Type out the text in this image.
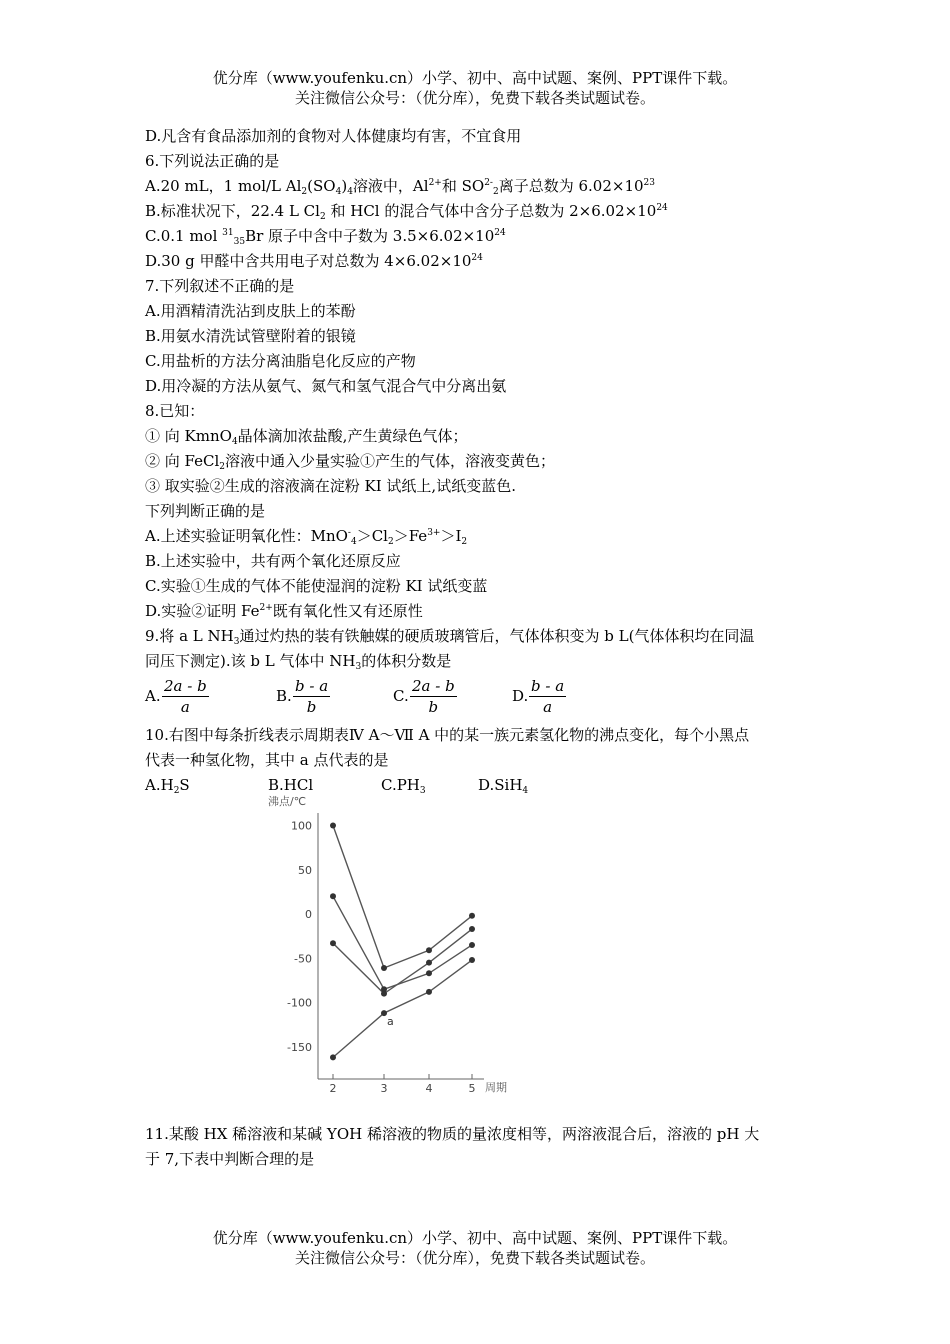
优分库（www.youfenku.cn）小学、初中、高中试题、案例、PPT课件下载。
关注微信公众号：（优分库），免费下载各类试题试卷。
D.凡含有食品添加剂的食物对人体健康均有害，不宜食用
6.下列说法正确的是
A.20 mL，1 mol/L $Al_2(SO_4)_4$溶液中，$Al^{2+}$和 $SO^{2-}_2$离子总数为 $6.02\times 10^{23}$
B.标准状况下，22.4 L $Cl_2$ 和 HCl 的混合气体中含分子总数为 $2\times 6.02\times 10^{24}$
C.0.1 mol $^{31}_{35}$Br 原子中含中子数为 $3.5\times 6.02\times 10^{24}$
D.30 g 甲醛中含共用电子对总数为 $4\times 6.02\times 10^{24}$
7.下列叙述不正确的是
A.用酒精清洗沾到皮肤上的苯酚
B.用氨水清洗试管壁附着的银镜
C.用盐析的方法分离油脂皂化反应的产物
D.用冷凝的方法从氨气、氮气和氢气混合气中分离出氨
8.已知：
① 向 KmnO$_4$晶体滴加浓盐酸,产生黄绿色气体；
② 向 FeCl$_2$溶液中通入少量实验①产生的气体，溶液变黄色；
③ 取实验②生成的溶液滴在淀粉 KI 试纸上,试纸变蓝色.
下列判断正确的是
A.上述实验证明氧化性：$MnO^-_4>Cl_2>Fe^{3+}>I_2$
B.上述实验中，共有两个氧化还原反应
C.实验①生成的气体不能使湿润的淀粉 KI 试纸变蓝
D.实验②证明 $Fe^{2+}$既有氧化性又有还原性
9.将 a L $NH_3$通过灼热的装有铁触媒的硬质玻璃管后，气体体积变为 b L(气体体积均在同温
同压下测定).该 b L 气体中 $NH_3$的体积分数是
A. $\frac{2a - b}{a}$	B. $\frac{b - a}{b}$	C. $\frac{2a - b}{b}$	D. $\frac{b - a}{a}$
10.右图中每条折线表示周期表Ⅳ A～Ⅶ A 中的某一族元素氢化物的沸点变化，每个小黑点
代表一种氢化物，其中 a 点代表的是
$A.H_2S$	B.HCl	$C.PH_3$	D.SiH$_4$
沸点/℃
周期
100
50
0
-50
-100
-150
2	3	4	5
a
11.某酸 HX 稀溶液和某碱 YOH 稀溶液的物质的量浓度相等，两溶液混合后，溶液的 pH 大
于 7,下表中判断合理的是
优分库（www.youfenku.cn）小学、初中、高中试题、案例、PPT课件下载。
关注微信公众号：（优分库），免费下载各类试题试卷。
